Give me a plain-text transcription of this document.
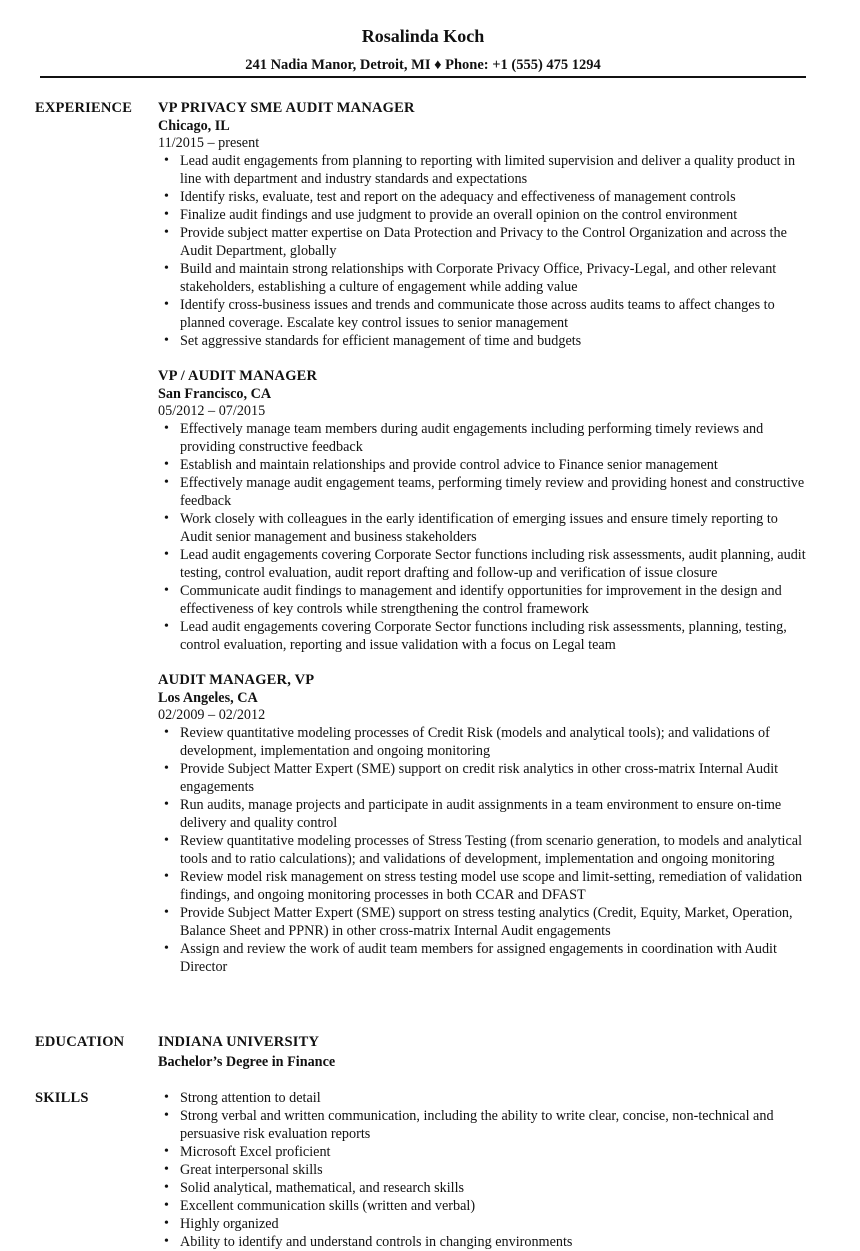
Rosalinda Koch
241 Nadia Manor, Detroit, MI ♦ Phone: +1 (555) 475 1294
EXPERIENCE VP PRIVACY SME AUDIT MANAGER
Chicago, IL
11/2015 – present
• Lead audit engagements from planning to reporting with limited supervision and deliver a quality product in line with department and industry standards and expectations
• Identify risks, evaluate, test and report on the adequacy and effectiveness of management controls
• Finalize audit findings and use judgment to provide an overall opinion on the control environment
• Provide subject matter expertise on Data Protection and Privacy to the Control Organization and across the Audit Department, globally
• Build and maintain strong relationships with Corporate Privacy Office, Privacy-Legal, and other relevant stakeholders, establishing a culture of engagement while adding value
• Identify cross-business issues and trends and communicate those across audits teams to affect changes to planned coverage. Escalate key control issues to senior management
• Set aggressive standards for efficient management of time and budgets
VP / AUDIT MANAGER
San Francisco, CA
05/2012 – 07/2015
• Effectively manage team members during audit engagements including performing timely reviews and providing constructive feedback
• Establish and maintain relationships and provide control advice to Finance senior management
• Effectively manage audit engagement teams, performing timely review and providing honest and constructive feedback
• Work closely with colleagues in the early identification of emerging issues and ensure timely reporting to Audit senior management and business stakeholders
• Lead audit engagements covering Corporate Sector functions including risk assessments, audit planning, audit testing, control evaluation, audit report drafting and follow-up and verification of issue closure
• Communicate audit findings to management and identify opportunities for improvement in the design and effectiveness of key controls while strengthening the control framework
• Lead audit engagements covering Corporate Sector functions including risk assessments, planning, testing, control evaluation, reporting and issue validation with a focus on Legal team
AUDIT MANAGER, VP
Los Angeles, CA
02/2009 – 02/2012
• Review quantitative modeling processes of Credit Risk (models and analytical tools); and validations of development, implementation and ongoing monitoring
• Provide Subject Matter Expert (SME) support on credit risk analytics in other cross-matrix Internal Audit engagements
• Run audits, manage projects and participate in audit assignments in a team environment to ensure on-time delivery and quality control
• Review quantitative modeling processes of Stress Testing (from scenario generation, to models and analytical tools and to ratio calculations); and validations of development, implementation and ongoing monitoring
• Review model risk management on stress testing model use scope and limit-setting, remediation of validation findings, and ongoing monitoring processes in both CCAR and DFAST
• Provide Subject Matter Expert (SME) support on stress testing analytics (Credit, Equity, Market, Operation, Balance Sheet and PPNR) in other cross-matrix Internal Audit engagements
• Assign and review the work of audit team members for assigned engagements in coordination with Audit Director
EDUCATION INDIANA UNIVERSITY
Bachelor’s Degree in Finance
SKILLS
•	Strong attention to detail
• Strong verbal and written communication, including the ability to write clear, concise, non-technical and persuasive risk evaluation reports
• Microsoft Excel proficient
• Great interpersonal skills
• Solid analytical, mathematical, and research skills
• Excellent communication skills (written and verbal)
• Highly organized
• Ability to identify and understand controls in changing environments
